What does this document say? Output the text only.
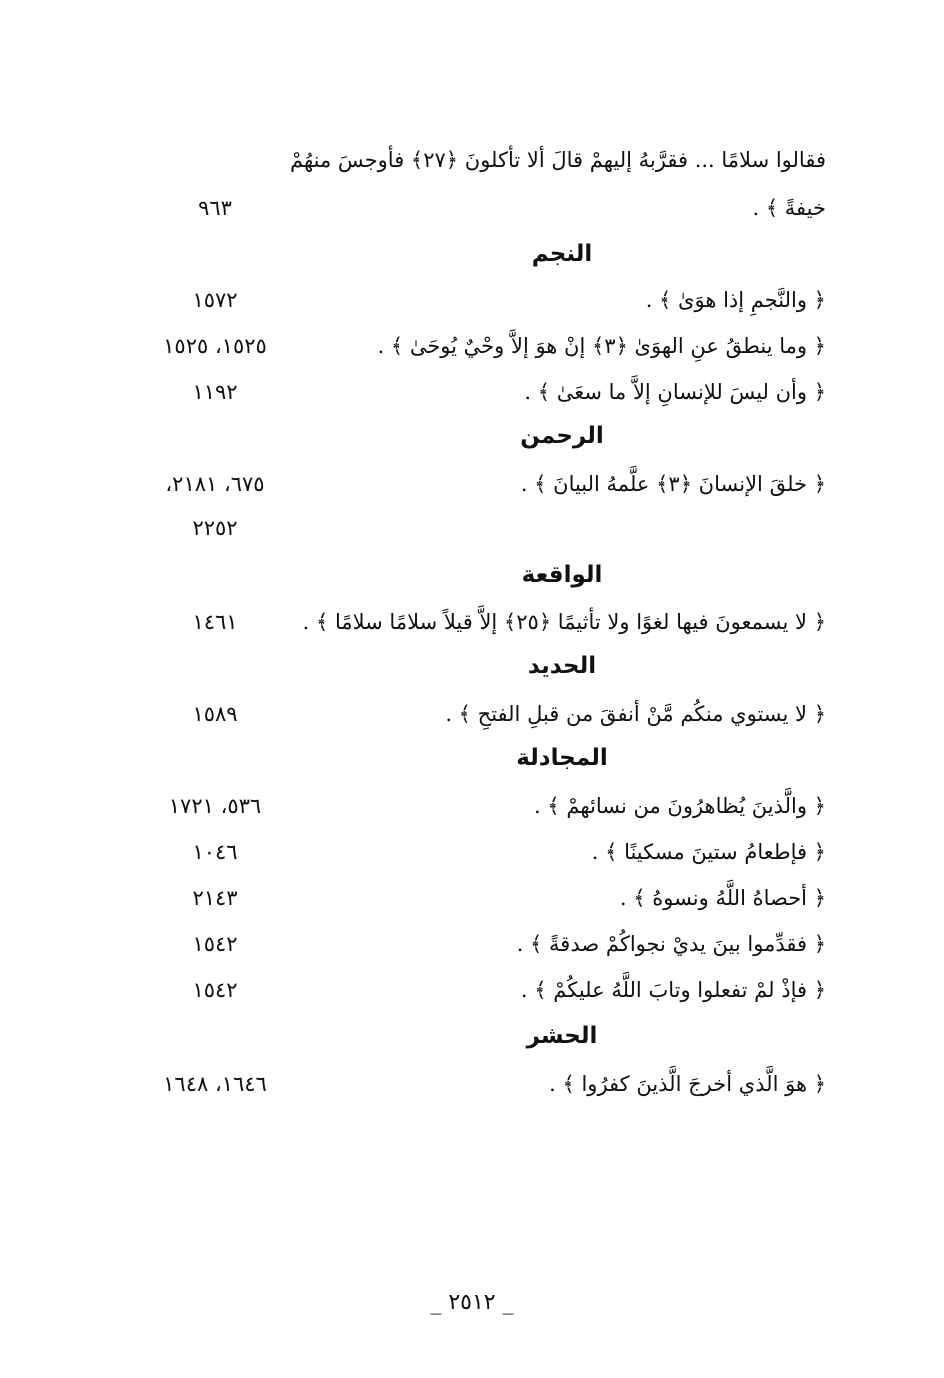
فقالوا سلامًا ... فقرَّبهُ إليهمْ قالَ ألا تأكلونَ ﴿٢٧﴾ فأوجسَ منهُمْ
خيفةً ﴾ .
٩٦٣
النجم
﴿ والنَّجمِ إذا هوَىٰ ﴾ .
١٥٧٢
﴿ وما ينطقُ عنِ الهوَىٰ ﴿٣﴾ إنْ هوَ إلاَّ وحْيٌ يُوحَىٰ ﴾ .
١٥٢٥، ١٥٢٥
﴿ وأن ليسَ للإنسانِ إلاَّ ما سعَىٰ ﴾ .
١١٩٢
الرحمن
﴿ خلقَ الإنسانَ ﴿٣﴾ علَّمهُ البيانَ ﴾ .
٦٧٥، ٢١٨١،
٢٢٥٢
الواقعة
﴿ لا يسمعونَ فيها لغوًا ولا تأثيمًا ﴿٢٥﴾ إلاَّ قيلاً سلامًا سلامًا ﴾ .
١٤٦١
الحديد
﴿ لا يستوي منكُم مَّنْ أنفقَ من قبلِ الفتحِ ﴾ .
١٥٨٩
المجادلة
﴿ والَّذينَ يُظاهرُونَ من نسائهمْ ﴾ .
٥٣٦، ١٧٢١
﴿ فإطعامُ ستينَ مسكينًا ﴾ .
١٠٤٦
﴿ أحصاهُ اللَّهُ ونسوهُ ﴾ .
٢١٤٣
﴿ فقدِّموا بينَ يديْ نجواكُمْ صدقةً ﴾ .
١٥٤٢
﴿ فإذْ لمْ تفعلوا وتابَ اللَّهُ عليكُمْ ﴾ .
١٥٤٢
الحشر
﴿ هوَ الَّذي أخرجَ الَّذينَ كفرُوا ﴾ .
١٦٤٦، ١٦٤٨
_ ٢٥١٢ _
